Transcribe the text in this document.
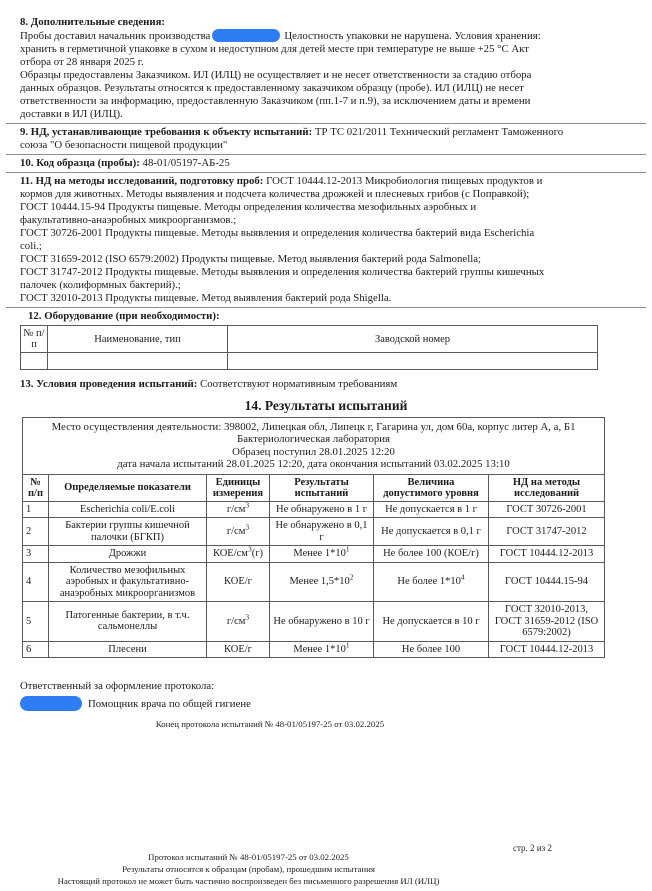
8. Дополнительные сведения:
Пробы доставил начальник производства	Целостность упаковки не нарушена. Условия хранения:
хранить в герметичной упаковке в сухом и недоступном для детей месте при температуре не выше +25 °С Акт
отбора от 28 января 2025 г.
Образцы предоставлены Заказчиком. ИЛ (ИЛЦ) не осуществляет и не несет ответственности за стадию отбора
данных образцов. Результаты относятся к предоставленному заказчиком образцу (пробе). ИЛ (ИЛЦ) не несет
ответственности за информацию, предоставленную Заказчиком (пп.1-7 и п.9), за исключением даты и времени
доставки в ИЛ (ИЛЦ).
9. НД, устанавливающие требования к объекту испытаний: ТР ТС 021/2011 Технический регламент Таможенного
союза "О безопасности пищевой продукции"
10. Код образца (пробы): 48-01/05197-АБ-25
11. НД на методы исследований, подготовку проб: ГОСТ 10444.12-2013 Микробиология пищевых продуктов и
кормов для животных. Методы выявления и подсчета количества дрожжей и плесневых грибов (с Поправкой);
ГОСТ 10444.15-94 Продукты пищевые. Методы определения количества мезофильных аэробных и
факультативно-анаэробных микроорганизмов.;
ГОСТ 30726-2001 Продукты пищевые. Методы выявления и определения количества бактерий вида Escherichia
coli.;
ГОСТ 31659-2012 (ISO 6579:2002) Продукты пищевые. Метод выявления бактерий рода Salmonella;
ГОСТ 31747-2012 Продукты пищевые. Методы выявления и определения количества бактерий группы кишечных
палочек (колиформных бактерий).;
ГОСТ 32010-2013 Продукты пищевые. Метод выявления бактерий рода Shigella.
12. Оборудование (при необходимости):
№ п/п	Наименование, тип	Заводской номер

13. Условия проведения испытаний: Соответствуют нормативным требованиям
14. Результаты испытаний
Место осуществления деятельности: 398002, Липецкая обл, Липецк г, Гагарина ул, дом 60а, корпус литер А, а, Б1
Бактериологическая лаборатория
Образец поступил 28.01.2025 12:20
дата начала испытаний 28.01.2025 12:20, дата окончания испытаний 03.02.2025 13:10					

№ п/п	Определяемые показатели	Единицы измерения	Результаты испытаний	Величина допустимого уровня	НД на методы исследований
1	Escherichia coli/E.coli	$г/см^3$	Не обнаружено в 1 г	Не допускается в 1 г	ГОСТ 30726-2001
2	Бактерии группы кишечной палочки (БГКП)	$г/см^3$	Не обнаружено в 0,1 г	Не допускается в 0,1 г	ГОСТ 31747-2012
3	Дрожжи	КОЕ/$см^3(г)$	Менее $1*10^1$	Не более 100 (КОЕ/г)	ГОСТ 10444.12-2013
4	Количество мезофильных аэробных и факультативно-анаэробных микроорганизмов	КОЕ/г	Менее $1,5*10^2$	Не более $1*10^4$	ГОСТ 10444.15-94
5	Патогенные бактерии, в т.ч. сальмонеллы	$г/см^3$	Не обнаружено в 10 г	Не допускается в 10 г	ГОСТ 32010-2013, ГОСТ 31659-2012 (ISO 6579:2002)
6	Плесени	КОЕ/г	Менее $1*10^1$	Не более 100	ГОСТ 10444.12-2013
Ответственный за оформление протокола:
Помощник врача по общей гигиене
Конец протокола испытаний № 48-01/05197-25 от 03.02.2025
стр. 2 из 2
Протокол испытаний № 48-01/05197-25 от 03.02.2025
Результаты относятся к образцам (пробам), прошедшим испытания
Настоящий протокол не может быть частично воспроизведен без письменного разрешения ИЛ (ИЛЦ)
